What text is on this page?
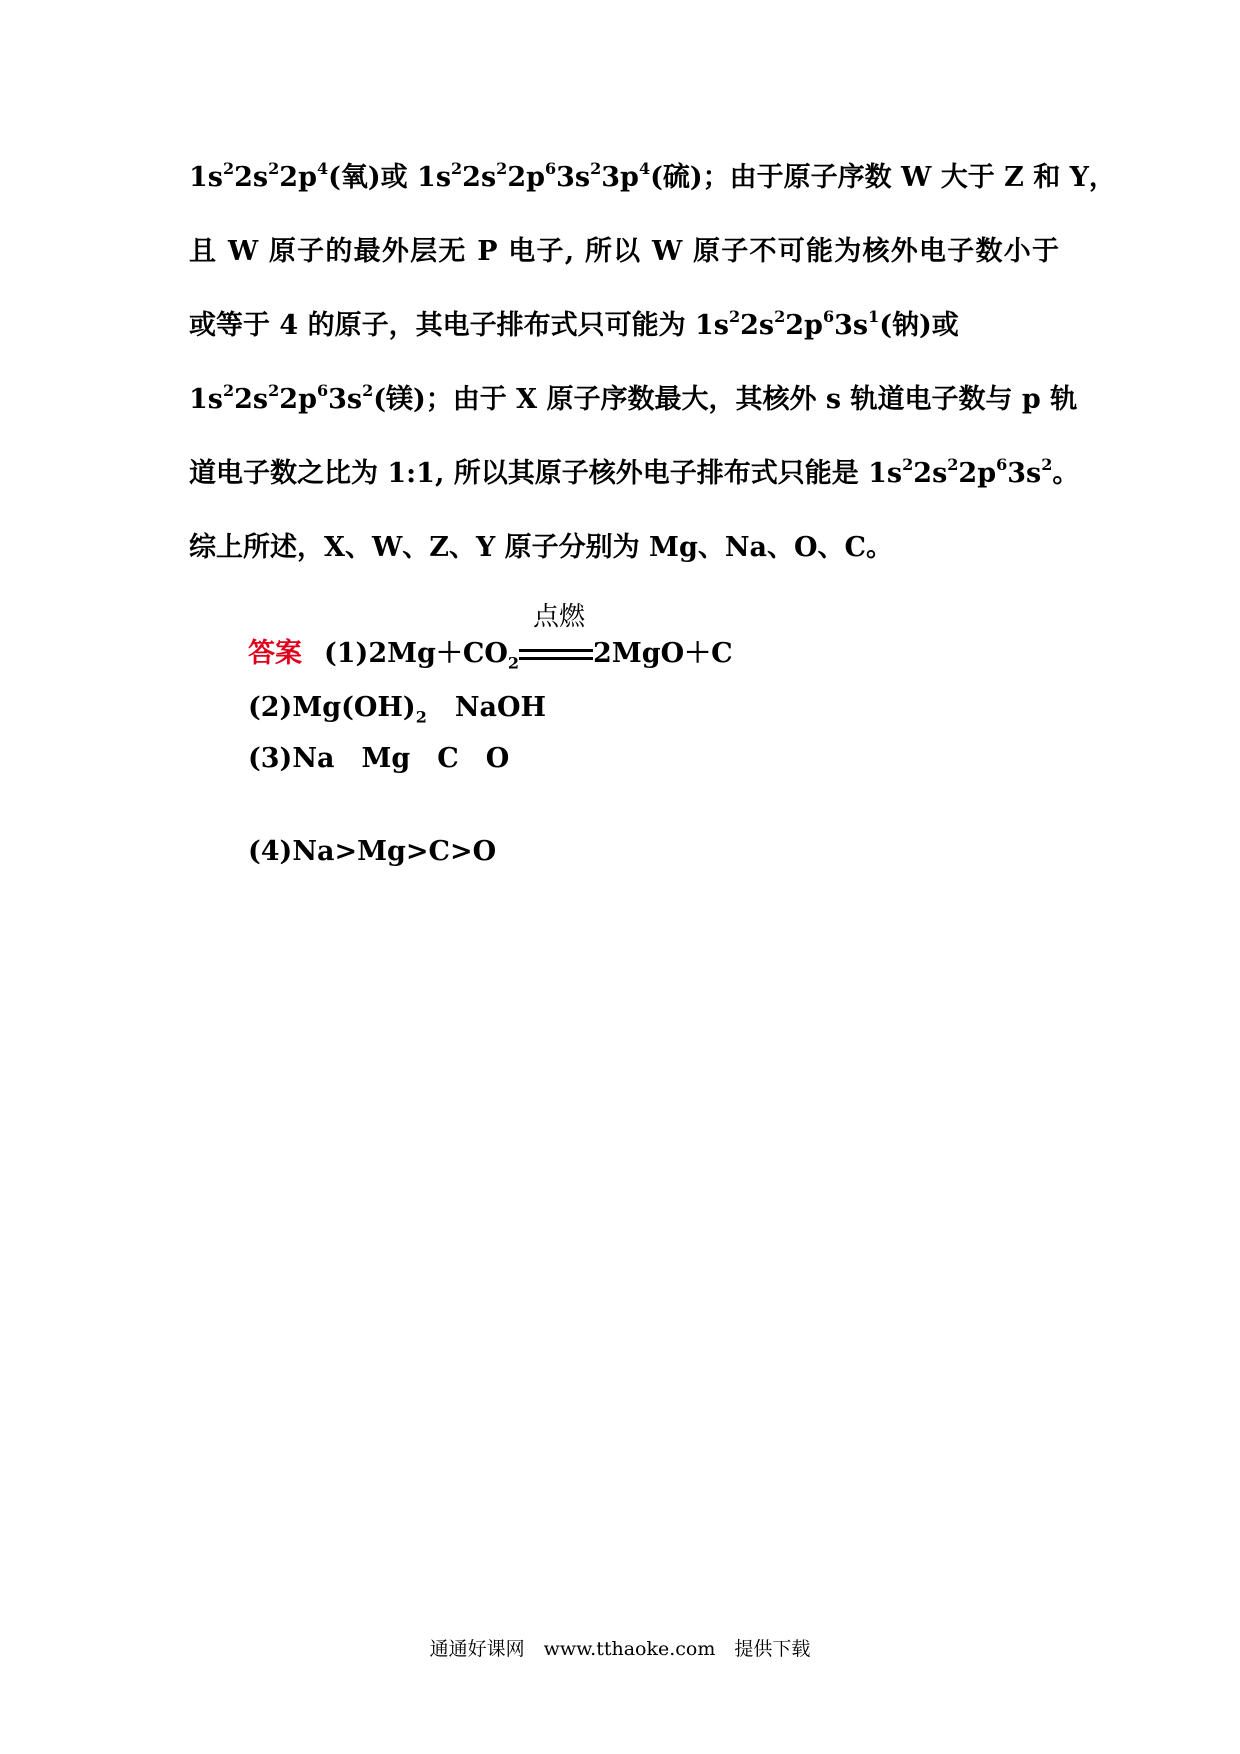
$1s^22s^22p^4$(氧)或 $1s^22s^22p^63s^23p^4$(硫)；由于原子序数 W 大于 Z 和 Y，
且 W 原子的最外层无 P 电子, 所以 W 原子不可能为核外电子数小于
或等于 4 的原子，其电子排布式只可能为 $1s^22s^22p^63s^1$(钠)或
$1s^22s^22p^63s^2$(镁)；由于 X 原子序数最大，其核外 s 轨道电子数与 p 轨
道电子数之比为 1:1, 所以其原子核外电子排布式只能是 $1s^22s^22p^63s^2$。
综上所述，X、W、Z、Y 原子分别为 Mg、Na、O、C。
答案 $(1)2Mg+CO_2$
点燃
2MgO＋C
$(2)Mg(OH)_2$ NaOH
(3)Na　Mg　C　O
(4)Na>Mg>C>O
通通好课网　www.tthaoke.com　提供下载
